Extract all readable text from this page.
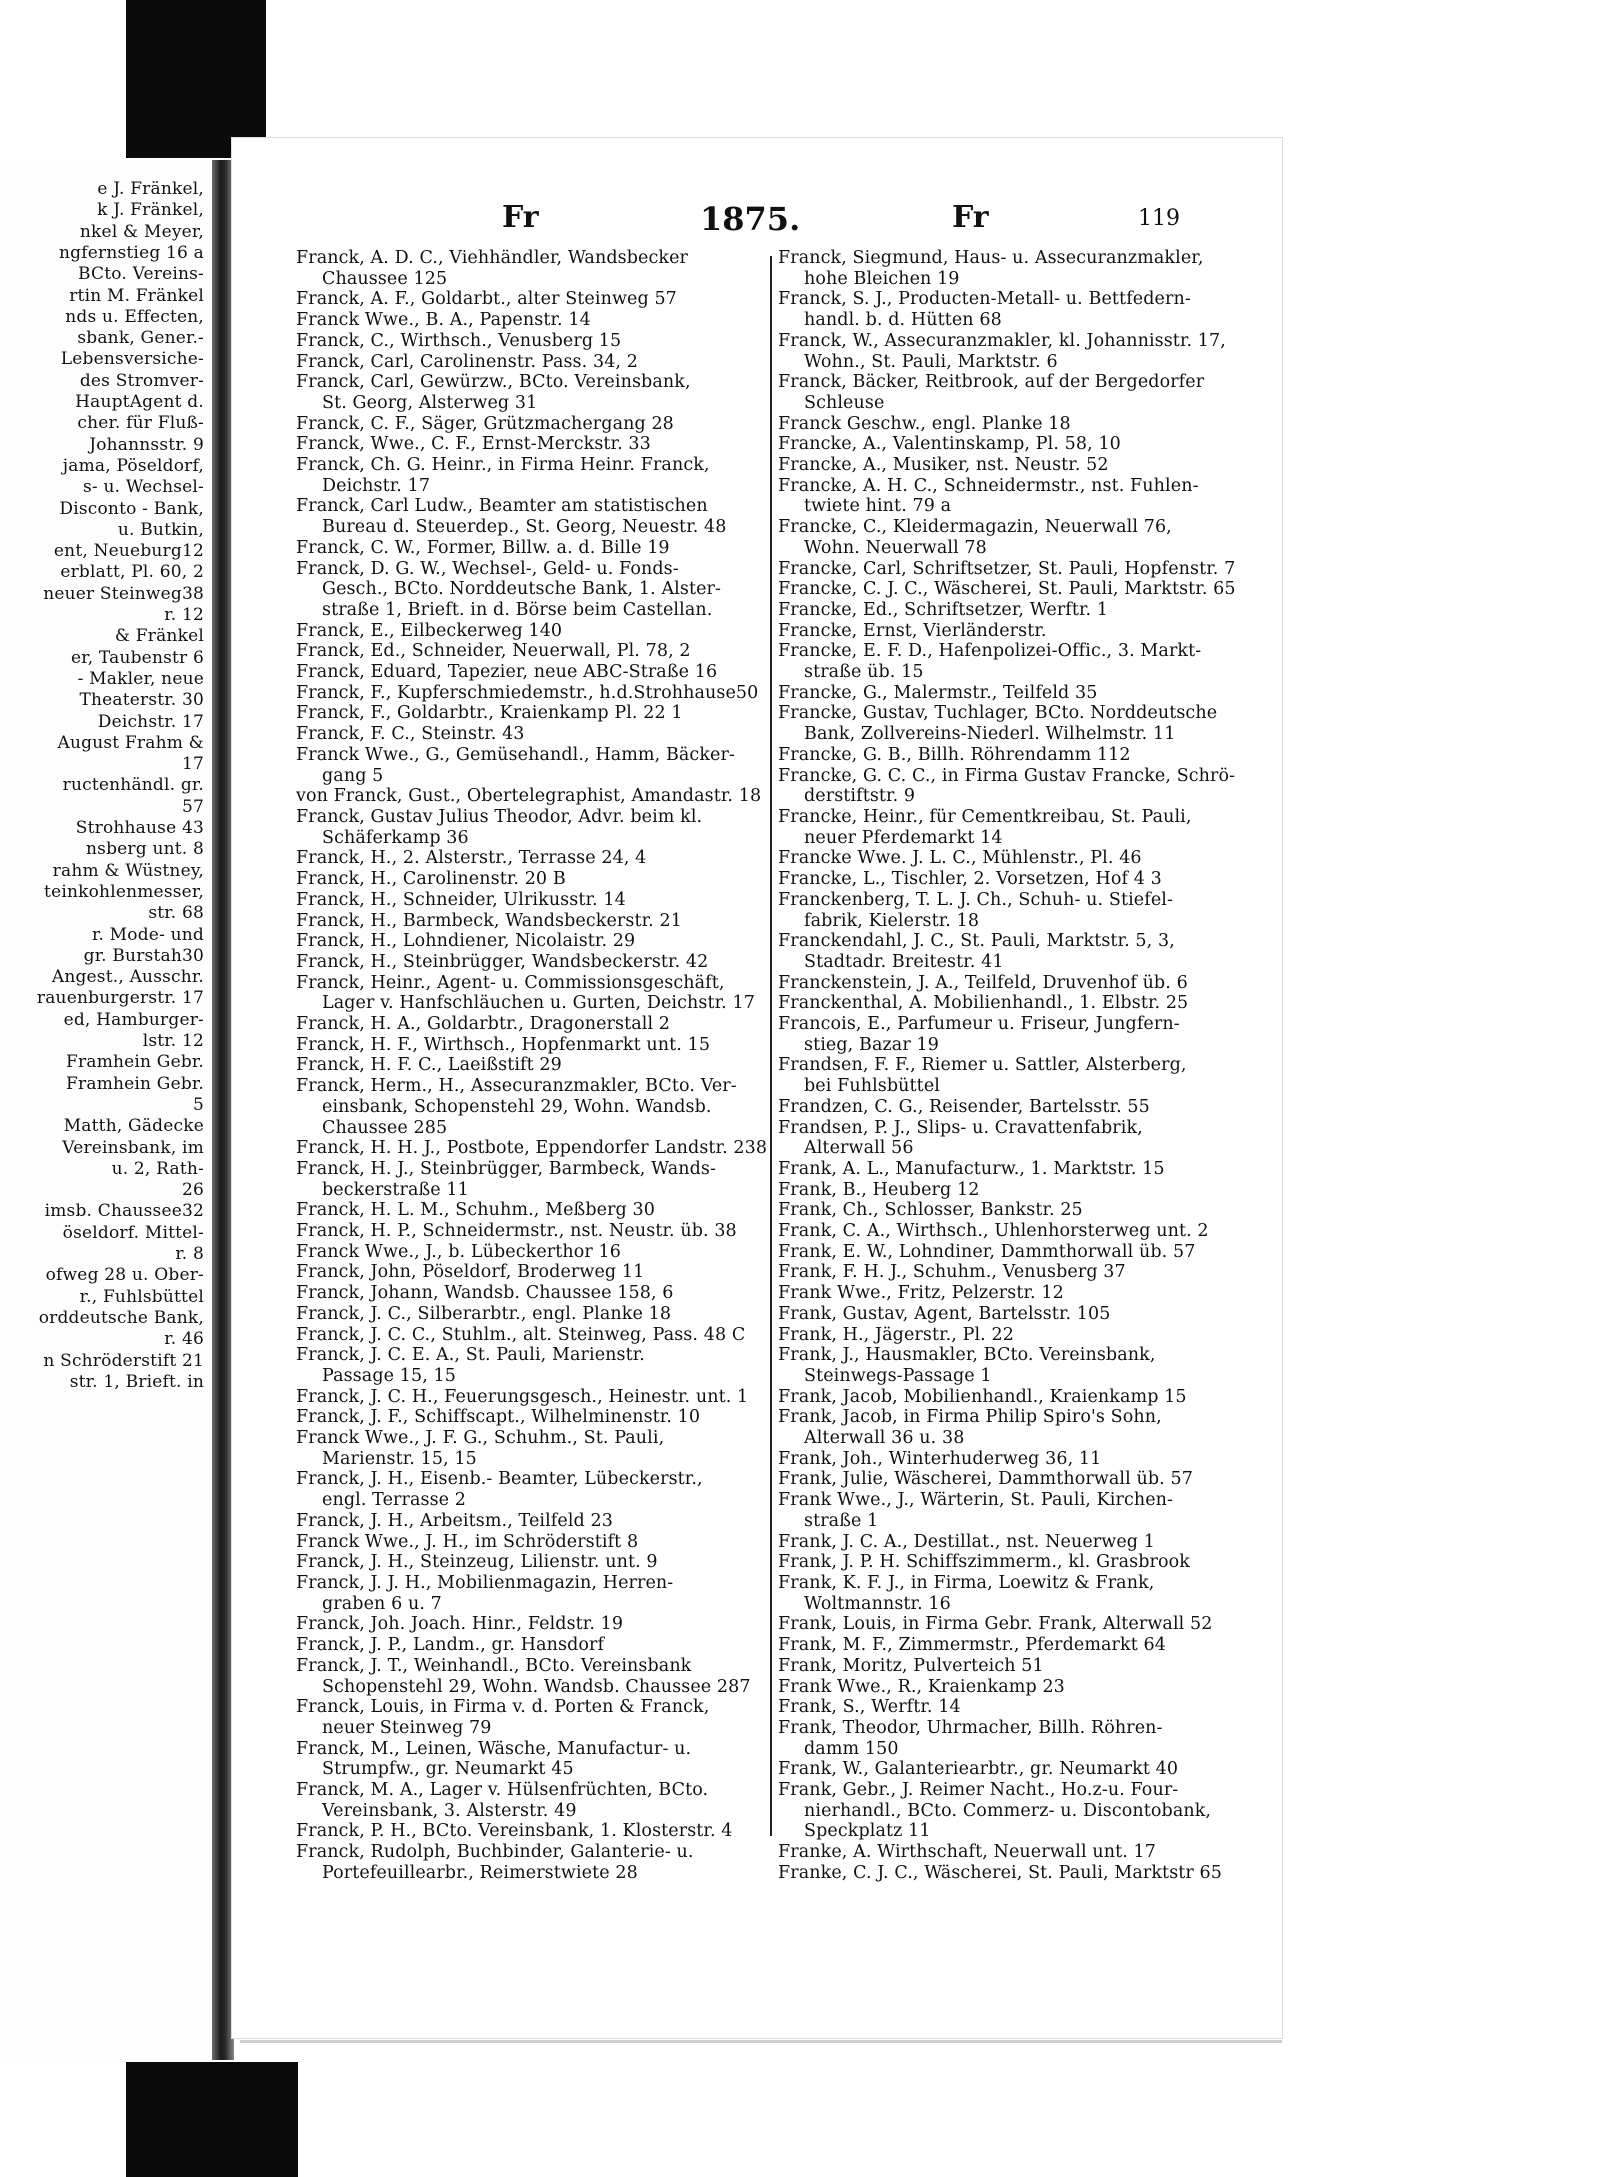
e J. Fränkel,
k J. Fränkel,
nkel & Meyer,
ngfernstieg 16 a
BCto. Vereins-
rtin M. Fränkel
nds u. Effecten,
sbank, Gener.-
Lebensversiche-
des Stromver-
HauptAgent d.
cher. für Fluß-
Johannsstr. 9
jama, Pöseldorf,
s- u. Wechsel-
Disconto - Bank,
u. Butkin,
ent, Neueburg12
erblatt, Pl. 60, 2
neuer Steinweg38
r. 12
& Fränkel
er, Taubenstr 6
- Makler, neue
Theaterstr. 30
Deichstr. 17
August Frahm &
17
ructenhändl. gr.
57
Strohhause 43
nsberg unt. 8
rahm & Wüstney,
teinkohlenmesser,
str. 68
r. Mode- und
gr. Burstah30
Angest., Ausschr.
rauenburgerstr. 17
ed, Hamburger-
lstr. 12
Framhein Gebr.
Framhein Gebr.
5
Matth, Gädecke
Vereinsbank, im
u. 2, Rath-
26
imsb. Chaussee32
öseldorf. Mittel-
r. 8
ofweg 28 u. Ober-
r., Fuhlsbüttel
orddeutsche Bank,
r. 46
n Schröderstift 21
str. 1, Brieft. in
Fr	1875.	Fr	119
Franck, A. D. C., Viehhändler, Wandsbecker
Chaussee 125
Franck, A. F., Goldarbt., alter Steinweg 57
Franck Wwe., B. A., Papenstr. 14
Franck, C., Wirthsch., Venusberg 15
Franck, Carl, Carolinenstr. Pass. 34, 2
Franck, Carl, Gewürzw., BCto. Vereinsbank,
St. Georg, Alsterweg 31
Franck, C. F., Säger, Grützmachergang 28
Franck, Wwe., C. F., Ernst-Merckstr. 33
Franck, Ch. G. Heinr., in Firma Heinr. Franck,
Deichstr. 17
Franck, Carl Ludw., Beamter am statistischen
Bureau d. Steuerdep., St. Georg, Neuestr. 48
Franck, C. W., Former, Billw. a. d. Bille 19
Franck, D. G. W., Wechsel-, Geld- u. Fonds-
Gesch., BCto. Norddeutsche Bank, 1. Alster-
straße 1, Brieft. in d. Börse beim Castellan.
Franck, E., Eilbeckerweg 140
Franck, Ed., Schneider, Neuerwall, Pl. 78, 2
Franck, Eduard, Tapezier, neue ABC-Straße 16
Franck, F., Kupferschmiedemstr., h.d.Strohhause50
Franck, F., Goldarbtr., Kraienkamp Pl. 22 1
Franck, F. C., Steinstr. 43
Franck Wwe., G., Gemüsehandl., Hamm, Bäcker-
gang 5
von Franck, Gust., Obertelegraphist, Amandastr. 18
Franck, Gustav Julius Theodor, Advr. beim kl.
Schäferkamp 36
Franck, H., 2. Alsterstr., Terrasse 24, 4
Franck, H., Carolinenstr. 20 B
Franck, H., Schneider, Ulrikusstr. 14
Franck, H., Barmbeck, Wandsbeckerstr. 21
Franck, H., Lohndiener, Nicolaistr. 29
Franck, H., Steinbrügger, Wandsbeckerstr. 42
Franck, Heinr., Agent- u. Commissionsgeschäft,
Lager v. Hanfschläuchen u. Gurten, Deichstr. 17
Franck, H. A., Goldarbtr., Dragonerstall 2
Franck, H. F., Wirthsch., Hopfenmarkt unt. 15
Franck, H. F. C., Laeißstift 29
Franck, Herm., H., Assecuranzmakler, BCto. Ver-
einsbank, Schopenstehl 29, Wohn. Wandsb.
Chaussee 285
Franck, H. H. J., Postbote, Eppendorfer Landstr. 238
Franck, H. J., Steinbrügger, Barmbeck, Wands-
beckerstraße 11
Franck, H. L. M., Schuhm., Meßberg 30
Franck, H. P., Schneidermstr., nst. Neustr. üb. 38
Franck Wwe., J., b. Lübeckerthor 16
Franck, John, Pöseldorf, Broderweg 11
Franck, Johann, Wandsb. Chaussee 158, 6
Franck, J. C., Silberarbtr., engl. Planke 18
Franck, J. C. C., Stuhlm., alt. Steinweg, Pass. 48 C
Franck, J. C. E. A., St. Pauli, Marienstr.
Passage 15, 15
Franck, J. C. H., Feuerungsgesch., Heinestr. unt. 1
Franck, J. F., Schiffscapt., Wilhelminenstr. 10
Franck Wwe., J. F. G., Schuhm., St. Pauli,
Marienstr. 15, 15
Franck, J. H., Eisenb.- Beamter, Lübeckerstr.,
engl. Terrasse 2
Franck, J. H., Arbeitsm., Teilfeld 23
Franck Wwe., J. H., im Schröderstift 8
Franck, J. H., Steinzeug, Lilienstr. unt. 9
Franck, J. J. H., Mobilienmagazin, Herren-
graben 6 u. 7
Franck, Joh. Joach. Hinr., Feldstr. 19
Franck, J. P., Landm., gr. Hansdorf
Franck, J. T., Weinhandl., BCto. Vereinsbank
Schopenstehl 29, Wohn. Wandsb. Chaussee 287
Franck, Louis, in Firma v. d. Porten & Franck,
neuer Steinweg 79
Franck, M., Leinen, Wäsche, Manufactur- u.
Strumpfw., gr. Neumarkt 45
Franck, M. A., Lager v. Hülsenfrüchten, BCto.
Vereinsbank, 3. Alsterstr. 49
Franck, P. H., BCto. Vereinsbank, 1. Klosterstr. 4
Franck, Rudolph, Buchbinder, Galanterie- u.
Portefeuillearbr., Reimerstwiete 28
Franck, Siegmund, Haus- u. Assecuranzmakler,
hohe Bleichen 19
Franck, S. J., Producten-Metall- u. Bettfedern-
handl. b. d. Hütten 68
Franck, W., Assecuranzmakler, kl. Johannisstr. 17,
Wohn., St. Pauli, Marktstr. 6
Franck, Bäcker, Reitbrook, auf der Bergedorfer
Schleuse
Franck Geschw., engl. Planke 18
Francke, A., Valentinskamp, Pl. 58, 10
Francke, A., Musiker, nst. Neustr. 52
Francke, A. H. C., Schneidermstr., nst. Fuhlen-
twiete hint. 79 a
Francke, C., Kleidermagazin, Neuerwall 76,
Wohn. Neuerwall 78
Francke, Carl, Schriftsetzer, St. Pauli, Hopfenstr. 7
Francke, C. J. C., Wäscherei, St. Pauli, Marktstr. 65
Francke, Ed., Schriftsetzer, Werftr. 1
Francke, Ernst, Vierländerstr.
Francke, E. F. D., Hafenpolizei-Offic., 3. Markt-
straße üb. 15
Francke, G., Malermstr., Teilfeld 35
Francke, Gustav, Tuchlager, BCto. Norddeutsche
Bank, Zollvereins-Niederl. Wilhelmstr. 11
Francke, G. B., Billh. Röhrendamm 112
Francke, G. C. C., in Firma Gustav Francke, Schrö-
derstiftstr. 9
Francke, Heinr., für Cementkreibau, St. Pauli,
neuer Pferdemarkt 14
Francke Wwe. J. L. C., Mühlenstr., Pl. 46
Francke, L., Tischler, 2. Vorsetzen, Hof 4 3
Franckenberg, T. L. J. Ch., Schuh- u. Stiefel-
fabrik, Kielerstr. 18
Franckendahl, J. C., St. Pauli, Marktstr. 5, 3,
Stadtadr. Breitestr. 41
Franckenstein, J. A., Teilfeld, Druvenhof üb. 6
Franckenthal, A. Mobilienhandl., 1. Elbstr. 25
Francois, E., Parfumeur u. Friseur, Jungfern-
stieg, Bazar 19
Frandsen, F. F., Riemer u. Sattler, Alsterberg,
bei Fuhlsbüttel
Frandzen, C. G., Reisender, Bartelsstr. 55
Frandsen, P. J., Slips- u. Cravattenfabrik,
Alterwall 56
Frank, A. L., Manufacturw., 1. Marktstr. 15
Frank, B., Heuberg 12
Frank, Ch., Schlosser, Bankstr. 25
Frank, C. A., Wirthsch., Uhlenhorsterweg unt. 2
Frank, E. W., Lohndiner, Dammthorwall üb. 57
Frank, F. H. J., Schuhm., Venusberg 37
Frank Wwe., Fritz, Pelzerstr. 12
Frank, Gustav, Agent, Bartelsstr. 105
Frank, H., Jägerstr., Pl. 22
Frank, J., Hausmakler, BCto. Vereinsbank,
Steinwegs-Passage 1
Frank, Jacob, Mobilienhandl., Kraienkamp 15
Frank, Jacob, in Firma Philip Spiro's Sohn,
Alterwall 36 u. 38
Frank, Joh., Winterhuderweg 36, 11
Frank, Julie, Wäscherei, Dammthorwall üb. 57
Frank Wwe., J., Wärterin, St. Pauli, Kirchen-
straße 1
Frank, J. C. A., Destillat., nst. Neuerweg 1
Frank, J. P. H. Schiffszimmerm., kl. Grasbrook
Frank, K. F. J., in Firma, Loewitz & Frank,
Woltmannstr. 16
Frank, Louis, in Firma Gebr. Frank, Alterwall 52
Frank, M. F., Zimmermstr., Pferdemarkt 64
Frank, Moritz, Pulverteich 51
Frank Wwe., R., Kraienkamp 23
Frank, S., Werftr. 14
Frank, Theodor, Uhrmacher, Billh. Röhren-
damm 150
Frank, W., Galanteriearbtr., gr. Neumarkt 40
Frank, Gebr., J. Reimer Nacht., Ho.z-u. Four-
nierhandl., BCto. Commerz- u. Discontobank,
Speckplatz 11
Franke, A. Wirthschaft, Neuerwall unt. 17
Franke, C. J. C., Wäscherei, St. Pauli, Marktstr 65
